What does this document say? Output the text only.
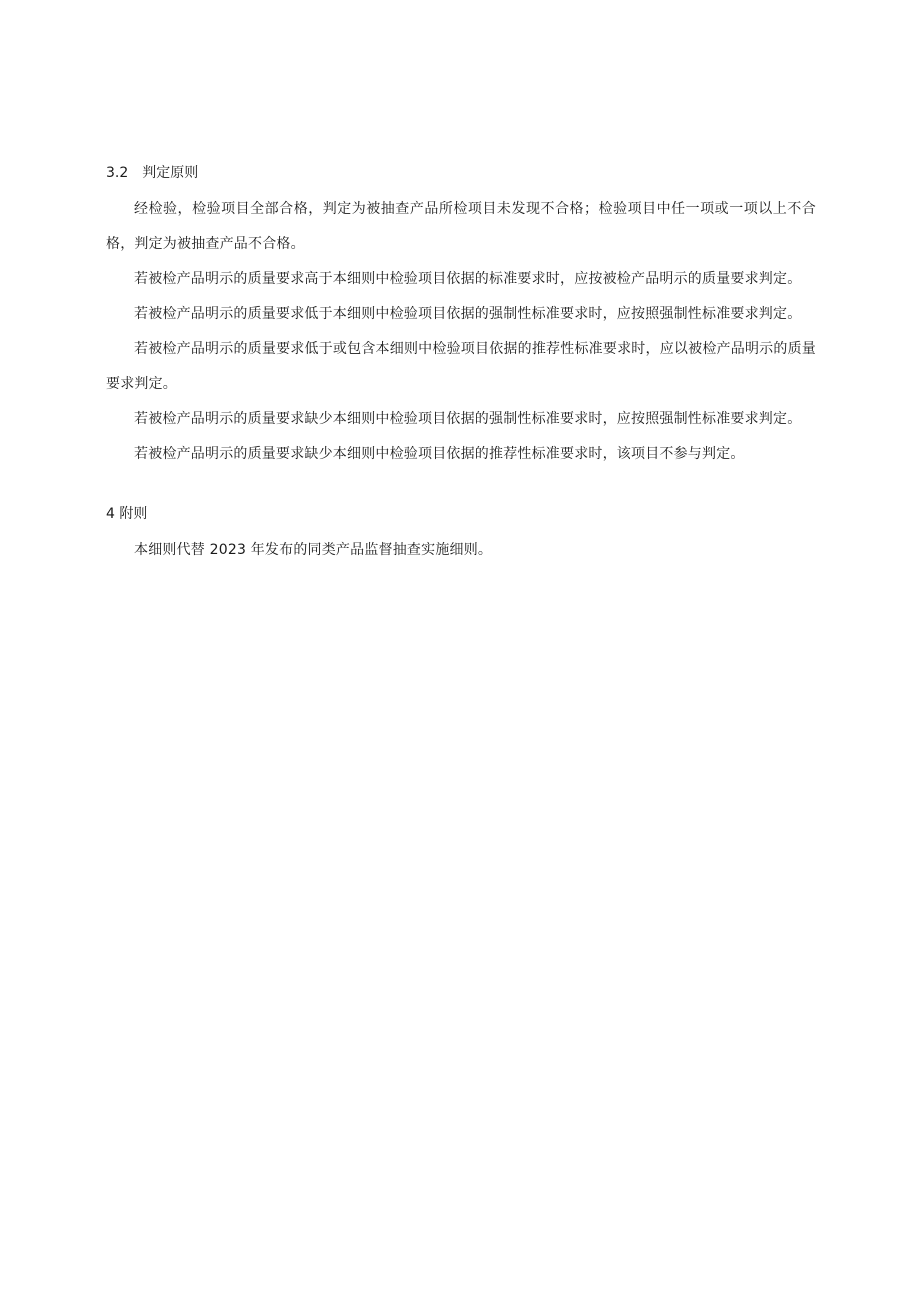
3.2 判定原则

经检验，检验项目全部合格，判定为被抽查产品所检项目未发现不合格；检验项目中任一项或一项以上不合格，判定为被抽查产品不合格。

若被检产品明示的质量要求高于本细则中检验项目依据的标准要求时，应按被检产品明示的质量要求判定。

若被检产品明示的质量要求低于本细则中检验项目依据的强制性标准要求时，应按照强制性标准要求判定。

若被检产品明示的质量要求低于或包含本细则中检验项目依据的推荐性标准要求时，应以被检产品明示的质量要求判定。

若被检产品明示的质量要求缺少本细则中检验项目依据的强制性标准要求时，应按照强制性标准要求判定。

若被检产品明示的质量要求缺少本细则中检验项目依据的推荐性标准要求时，该项目不参与判定。

4 附则

本细则代替 2023 年发布的同类产品监督抽查实施细则。
